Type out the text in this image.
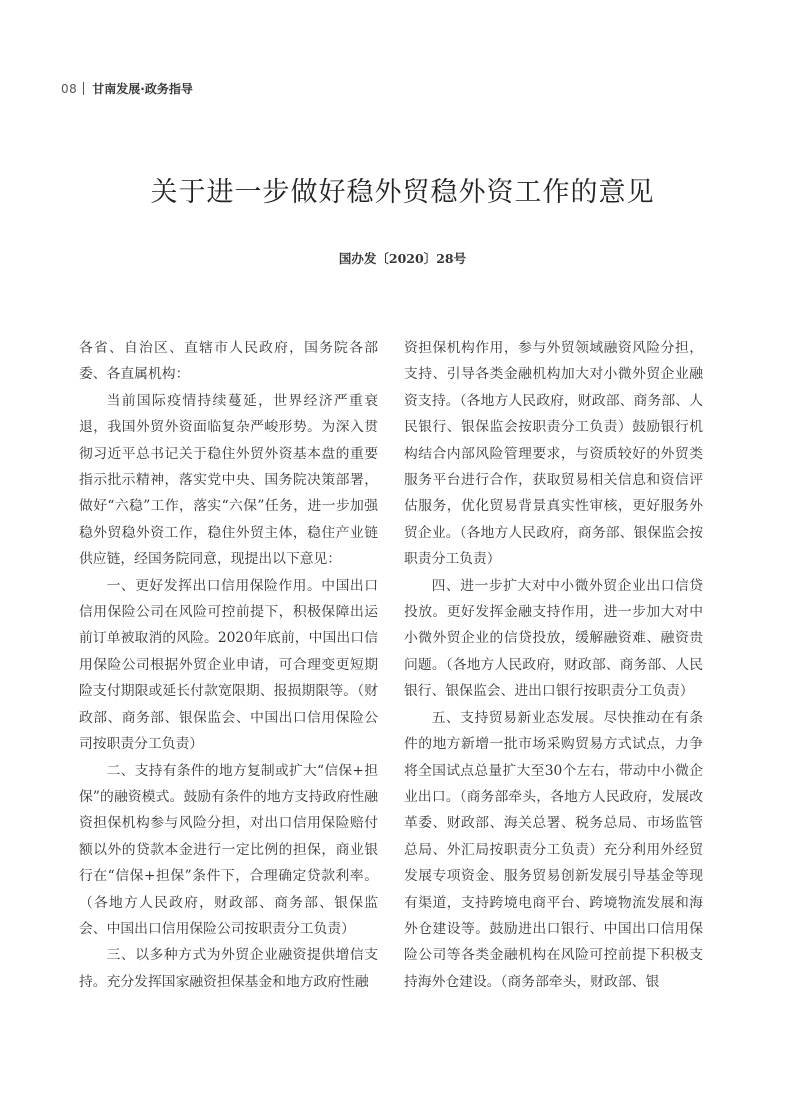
08 甘南发展·政务指导
关于进一步做好稳外贸稳外资工作的意见
国办发〔2020〕28号

各省、自治区、直辖市人民政府，国务院各部委、各直属机构：

当前国际疫情持续蔓延，世界经济严重衰退，我国外贸外资面临复杂严峻形势。为深入贯彻习近平总书记关于稳住外贸外资基本盘的重要指示批示精神，落实党中央、国务院决策部署，做好“六稳”工作，落实“六保”任务，进一步加强稳外贸稳外资工作，稳住外贸主体，稳住产业链供应链，经国务院同意，现提出以下意见：

一、更好发挥出口信用保险作用。中国出口信用保险公司在风险可控前提下，积极保障出运前订单被取消的风险。2020年底前，中国出口信用保险公司根据外贸企业申请，可合理变更短期险支付期限或延长付款宽限期、报损期限等。（财政部、商务部、银保监会、中国出口信用保险公司按职责分工负责）

二、支持有条件的地方复制或扩大“信保+担保”的融资模式。鼓励有条件的地方支持政府性融资担保机构参与风险分担，对出口信用保险赔付额以外的贷款本金进行一定比例的担保，商业银行在“信保+担保”条件下，合理确定贷款利率。（各地方人民政府，财政部、商务部、银保监会、中国出口信用保险公司按职责分工负责）

三、以多种方式为外贸企业融资提供增信支持。充分发挥国家融资担保基金和地方政府性融

资担保机构作用，参与外贸领域融资风险分担，支持、引导各类金融机构加大对小微外贸企业融资支持。（各地方人民政府，财政部、商务部、人民银行、银保监会按职责分工负责）鼓励银行机构结合内部风险管理要求，与资质较好的外贸类服务平台进行合作，获取贸易相关信息和资信评估服务，优化贸易背景真实性审核，更好服务外贸企业。（各地方人民政府，商务部、银保监会按职责分工负责）

四、进一步扩大对中小微外贸企业出口信贷投放。更好发挥金融支持作用，进一步加大对中小微外贸企业的信贷投放，缓解融资难、融资贵问题。（各地方人民政府，财政部、商务部、人民银行、银保监会、进出口银行按职责分工负责）

五、支持贸易新业态发展。尽快推动在有条件的地方新增一批市场采购贸易方式试点，力争将全国试点总量扩大至30个左右，带动中小微企业出口。（商务部牵头，各地方人民政府，发展改革委、财政部、海关总署、税务总局、市场监管总局、外汇局按职责分工负责）充分利用外经贸发展专项资金、服务贸易创新发展引导基金等现有渠道，支持跨境电商平台、跨境物流发展和海外仓建设等。鼓励进出口银行、中国出口信用保险公司等各类金融机构在风险可控前提下积极支持海外仓建设。（商务部牵头，财政部、银
